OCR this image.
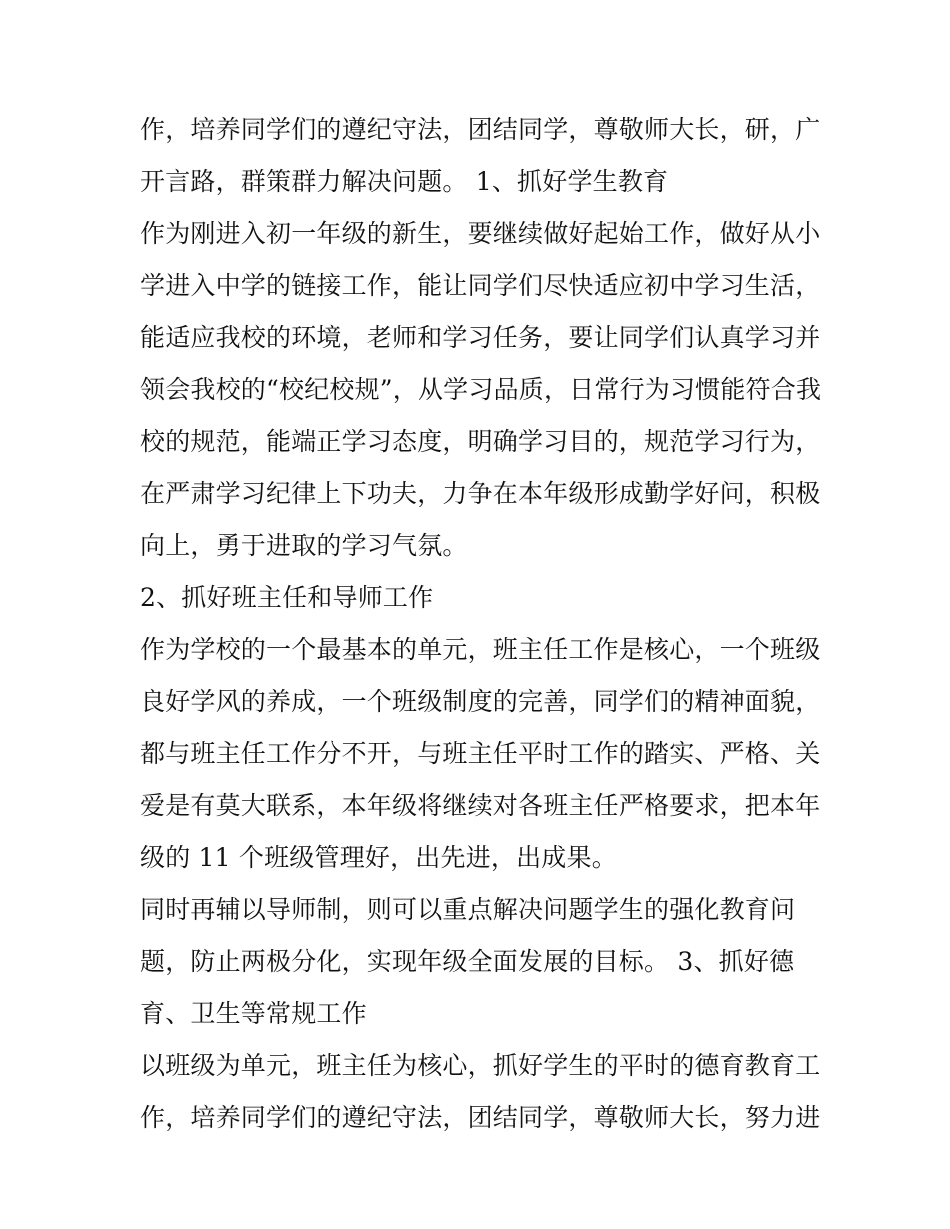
作，培养同学们的遵纪守法，团结同学，尊敬师大长，研，广
开言路，群策群力解决问题。 1、抓好学生教育
作为刚进入初一年级的新生，要继续做好起始工作，做好从小
学进入中学的链接工作，能让同学们尽快适应初中学习生活，
能适应我校的环境，老师和学习任务，要让同学们认真学习并
领会我校的“校纪校规”，从学习品质，日常行为习惯能符合我
校的规范，能端正学习态度，明确学习目的，规范学习行为，
在严肃学习纪律上下功夫，力争在本年级形成勤学好问，积极
向上，勇于进取的学习气氛。
2、抓好班主任和导师工作
作为学校的一个最基本的单元，班主任工作是核心，一个班级
良好学风的养成，一个班级制度的完善，同学们的精神面貌，
都与班主任工作分不开，与班主任平时工作的踏实、严格、关
爱是有莫大联系，本年级将继续对各班主任严格要求，把本年
级的 11 个班级管理好，出先进，出成果。
同时再辅以导师制，则可以重点解决问题学生的强化教育问
题，防止两极分化，实现年级全面发展的目标。 3、抓好德
育、卫生等常规工作
以班级为单元，班主任为核心，抓好学生的平时的德育教育工
作，培养同学们的遵纪守法，团结同学，尊敬师大长，努力进
